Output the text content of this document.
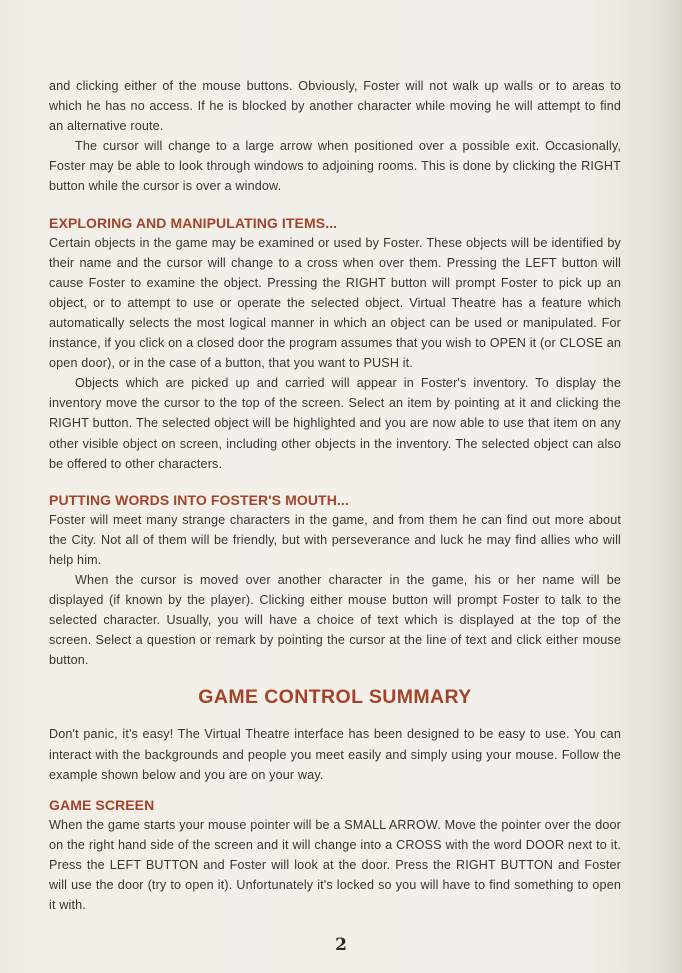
and clicking either of the mouse buttons. Obviously, Foster will not walk up walls or to areas to which he has no access. If he is blocked by another character while moving he will attempt to find an alternative route.

The cursor will change to a large arrow when positioned over a possible exit. Occasionally, Foster may be able to look through windows to adjoining rooms. This is done by clicking the RIGHT button while the cursor is over a window.

EXPLORING AND MANIPULATING ITEMS...

Certain objects in the game may be examined or used by Foster. These objects will be identified by their name and the cursor will change to a cross when over them. Pressing the LEFT button will cause Foster to examine the object. Pressing the RIGHT button will prompt Foster to pick up an object, or to attempt to use or operate the selected object. Virtual Theatre has a feature which automatically selects the most logical manner in which an object can be used or manipulated. For instance, if you click on a closed door the program assumes that you wish to OPEN it (or CLOSE an open door), or in the case of a button, that you want to PUSH it.

Objects which are picked up and carried will appear in Foster's inventory. To display the inventory move the cursor to the top of the screen. Select an item by pointing at it and clicking the RIGHT button. The selected object will be highlighted and you are now able to use that item on any other visible object on screen, including other objects in the inventory. The selected object can also be offered to other characters.

PUTTING WORDS INTO FOSTER'S MOUTH...

Foster will meet many strange characters in the game, and from them he can find out more about the City. Not all of them will be friendly, but with perseverance and luck he may find allies who will help him.

When the cursor is moved over another character in the game, his or her name will be displayed (if known by the player). Clicking either mouse button will prompt Foster to talk to the selected character. Usually, you will have a choice of text which is displayed at the top of the screen. Select a question or remark by pointing the cursor at the line of text and click either mouse button.

GAME CONTROL SUMMARY

Don't panic, it's easy! The Virtual Theatre interface has been designed to be easy to use. You can interact with the backgrounds and people you meet easily and simply using your mouse. Follow the example shown below and you are on your way.

GAME SCREEN

When the game starts your mouse pointer will be a SMALL ARROW. Move the pointer over the door on the right hand side of the screen and it will change into a CROSS with the word DOOR next to it. Press the LEFT BUTTON and Foster will look at the door. Press the RIGHT BUTTON and Foster will use the door (try to open it). Unfortunately it's locked so you will have to find something to open it with.

2
